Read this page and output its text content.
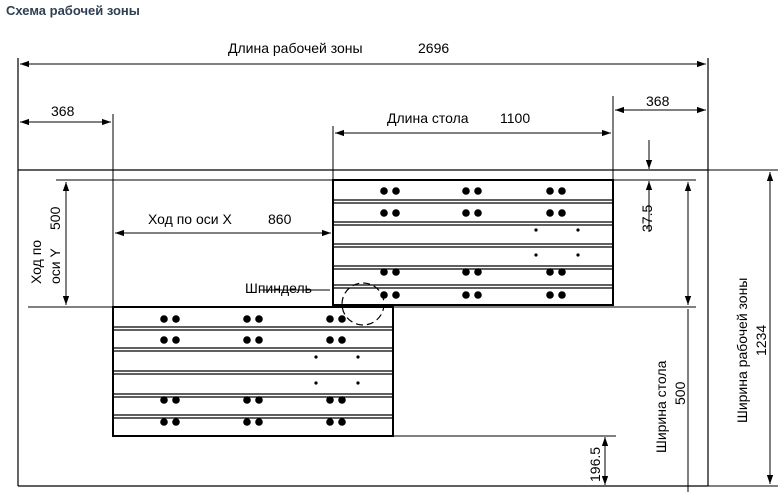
Схема рабочей зоны
Длина рабочей зоны	2696
368
368
Длина стола 1100
Шпиндель
Ход по оси X	860
Ход по оси Y
500	37.5
196.5
Ширина стола 500	Ширина рабочей зоны 1234
